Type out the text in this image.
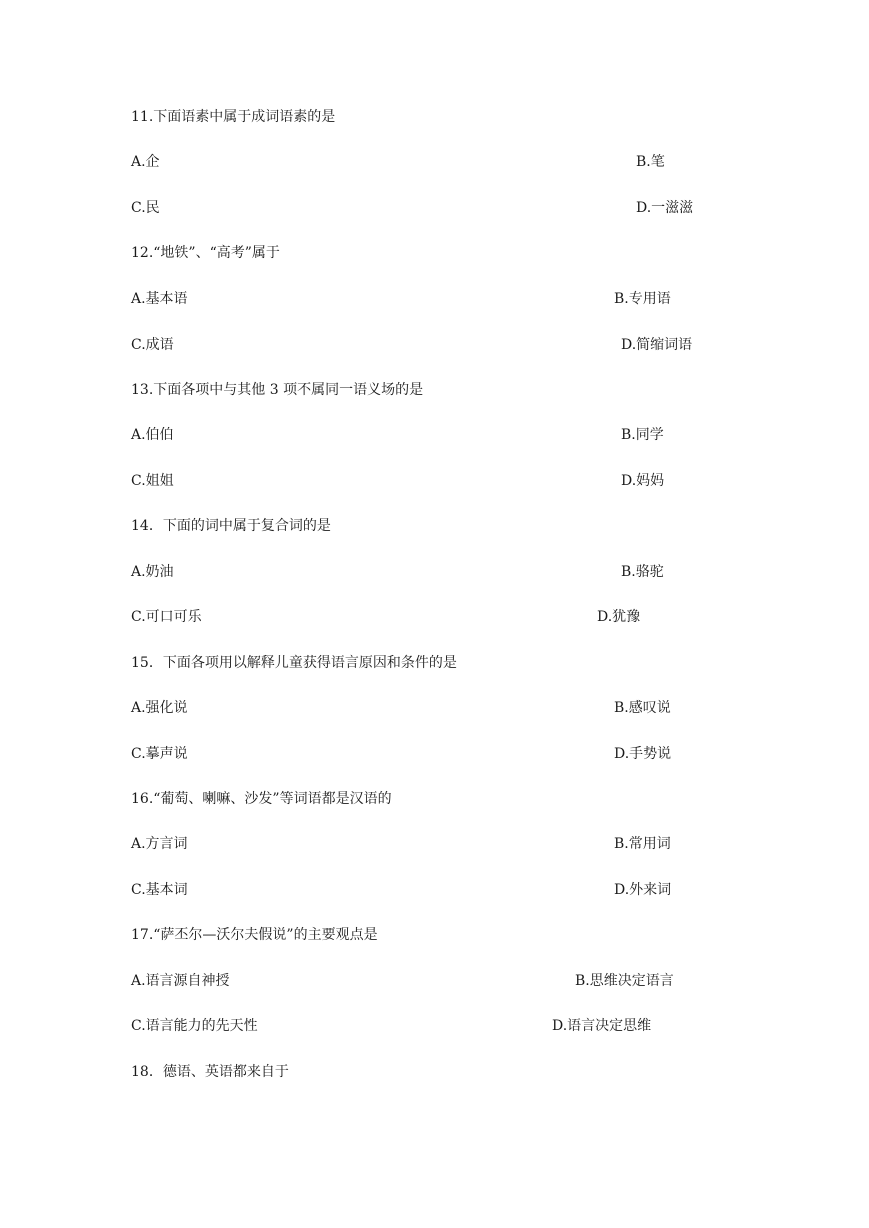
11.下面语素中属于成词语素的是
A.企	B.笔
C.民	D.一滋滋
12.“地铁”、“高考”属于
A.基本语	B.专用语
C.成语	D.简缩词语
13.下面各项中与其他 3 项不属同一语义场的是
A.伯伯	B.同学
C.姐姐	D.妈妈
14．下面的词中属于复合词的是
A.奶油	B.骆驼
C.可口可乐	D.犹豫
15．下面各项用以解释儿童获得语言原因和条件的是
A.强化说	B.感叹说
C.摹声说	D.手势说
16.“葡萄、喇嘛、沙发”等词语都是汉语的
A.方言词	B.常用词
C.基本词	D.外来词
17.“萨丕尔—沃尔夫假说”的主要观点是
A.语言源自神授	B.思维决定语言
C.语言能力的先天性	D.语言决定思维
18．德语、英语都来自于
